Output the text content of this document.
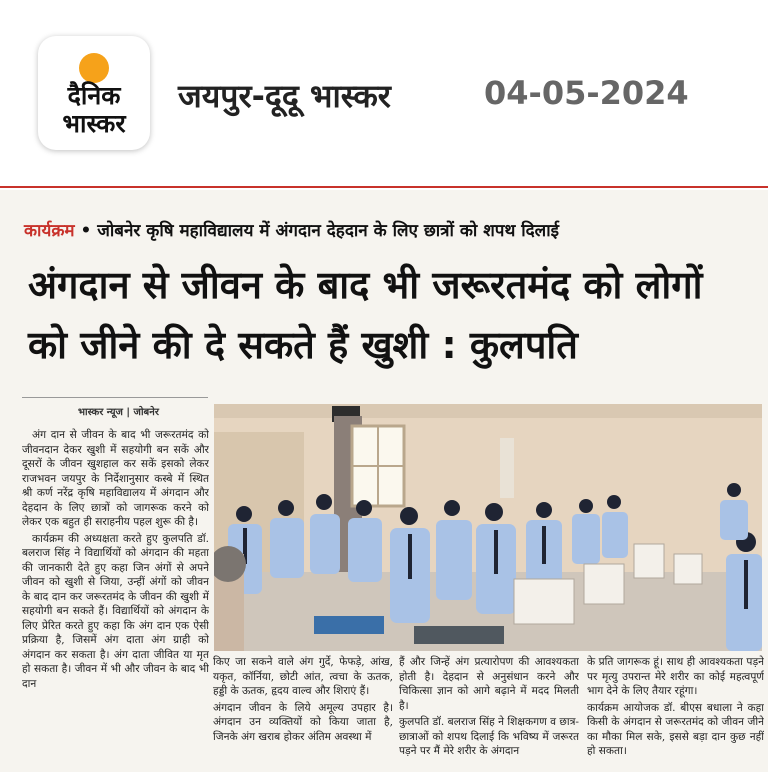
दैनिक
भास्कर
जयपुर-दूदू भास्कर	04-05-2024
कार्यक्रम • जोबनेर कृषि महाविद्यालय में अंगदान देहदान के लिए छात्रों को शपथ दिलाई
अंगदान से जीवन के बाद भी जरूरतमंद को लोगों को जीने की दे सकते हैं खुशी : कुलपति
भास्कर न्यूज | जोबनेर

अंग दान से जीवन के बाद भी जरूरतमंद को जीवनदान देकर खुशी में सहयोगी बन सकें और दूसरों के जीवन खुशहाल कर सकें इसको लेकर राजभवन जयपुर के निर्देशानुसार कस्बे में स्थित श्री कर्ण नरेंद्र कृषि महाविद्यालय में अंगदान और देहदान के लिए छात्रों को जागरूक करने को लेकर एक बहुत ही सराहनीय पहल शुरू की है।

कार्यक्रम की अध्यक्षता करते हुए कुलपति डॉ. बलराज सिंह ने विद्यार्थियों को अंगदान की महता की जानकारी देते हुए कहा जिन अंगों से अपने जीवन को खुशी से जिया, उन्हीं अंगों को जीवन के बाद दान कर जरूरतमंद के जीवन की खुशी में सहयोगी बन सकते हैं। विद्यार्थियों को अंगदान के लिए प्रेरित करते हुए कहा कि अंग दान एक ऐसी प्रक्रिया है, जिसमें अंग दाता अंग ग्राही को अंगदान कर सकता है। अंग दाता जीवित या मृत हो सकता है। जीवन में भी और जीवन के बाद भी दान

किए जा सकने वाले अंग गुर्दे, फेफड़े, आंख, यकृत, कॉर्निया, छोटी आंत, त्वचा के ऊतक, हड्डी के ऊतक, हृदय वाल्व और शिराएं हैं।

अंगदान जीवन के लिये अमूल्य उपहार है। अंगदान उन व्यक्तियों को किया जाता है, जिनके अंग खराब होकर अंतिम अवस्था में

हैं और जिन्हें अंग प्रत्यारोपण की आवश्यकता होती है। देहदान से अनुसंधान करने और चिकित्सा ज्ञान को आगे बढ़ाने में मदद मिलती है।

कुलपति डॉ. बलराज सिंह ने शिक्षकगण व छात्र-छात्राओं को शपथ दिलाई कि भविष्य में जरूरत पड़ने पर मैं मेरे शरीर के अंगदान

के प्रति जागरूक हूं। साथ ही आवश्यकता पड़ने पर मृत्यु उपरान्त मेरे शरीर का कोई महत्वपूर्ण भाग देने के लिए तैयार रहूंगा।

कार्यक्रम आयोजक डॉ. बीएस बधाला ने कहा किसी के अंगदान से जरूरतमंद को जीवन जीने का मौका मिल सके, इससे बड़ा दान कुछ नहीं हो सकता।
